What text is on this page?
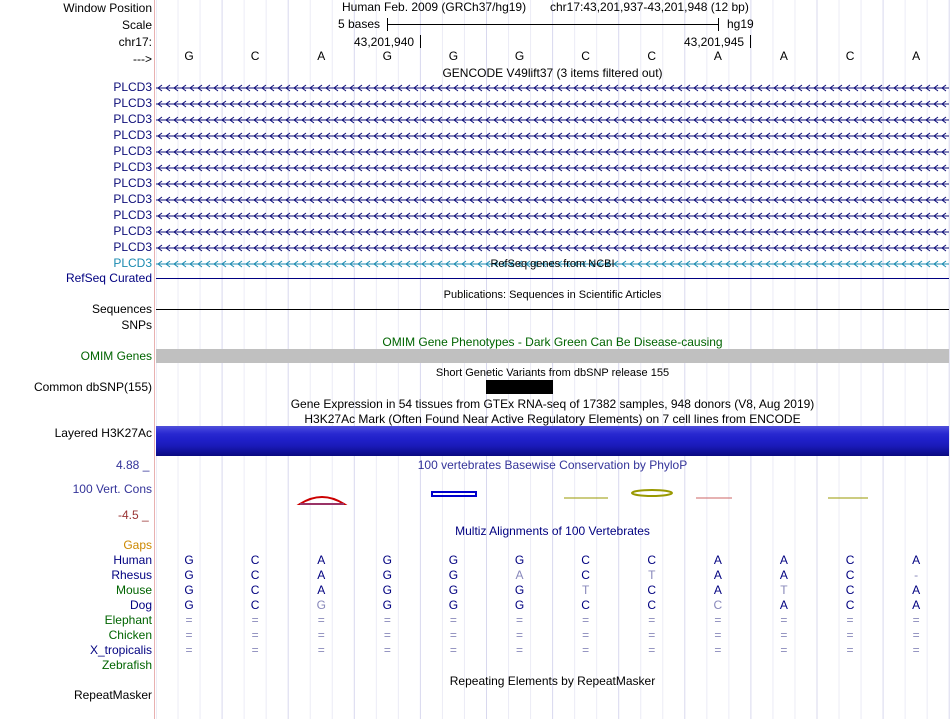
Window Position	Human Feb. 2009 (GRCh37/hg19) chr17:43,201,937-43,201,948 (12 bp)
Scale	5 bases	hg19
chr17:	43,201,940	43,201,945
--->	G	C	A	G	G	G	C	C	A	A	C	A
GENCODE V49lift37 (3 items filtered out)
PLCD3
PLCD3
PLCD3
PLCD3
PLCD3
PLCD3
PLCD3
PLCD3
PLCD3
PLCD3
PLCD3
PLCD3	RefSeq genes from NCBI
RefSeq Curated
Publications: Sequences in Scientific Articles
Sequences
SNPs
OMIM Gene Phenotypes - Dark Green Can Be Disease-causing
OMIM Genes
Short Genetic Variants from dbSNP release 155
Common dbSNP(155)
Gene Expression in 54 tissues from GTEx RNA-seq of 17382 samples, 948 donors (V8, Aug 2019)
H3K27Ac Mark (Often Found Near Active Regulatory Elements) on 7 cell lines from ENCODE
Layered H3K27Ac
4.88 _	100 vertebrates Basewise Conservation by PhyloP
100 Vert. Cons
-4.5 _
Multiz Alignments of 100 Vertebrates
Gaps
Human	G	C	A	G	G	G	C	C	A	A	C	A
Rhesus	G	C	A	G	G	A	C	T	A	A	C	-
Mouse	G	C	A	G	G	G	T	C	A	T	C	A
Dog	G	C	G	G	G	G	C	C	C	A	C	A
Elephant	=	=	=	=	=	=	=	=	=	=	=	=
Chicken	=	=	=	=	=	=	=	=	=	=	=	=
X_tropicalis	=	=	=	=	=	=	=	=	=	=	=	=
Zebrafish
Repeating Elements by RepeatMasker
RepeatMasker
